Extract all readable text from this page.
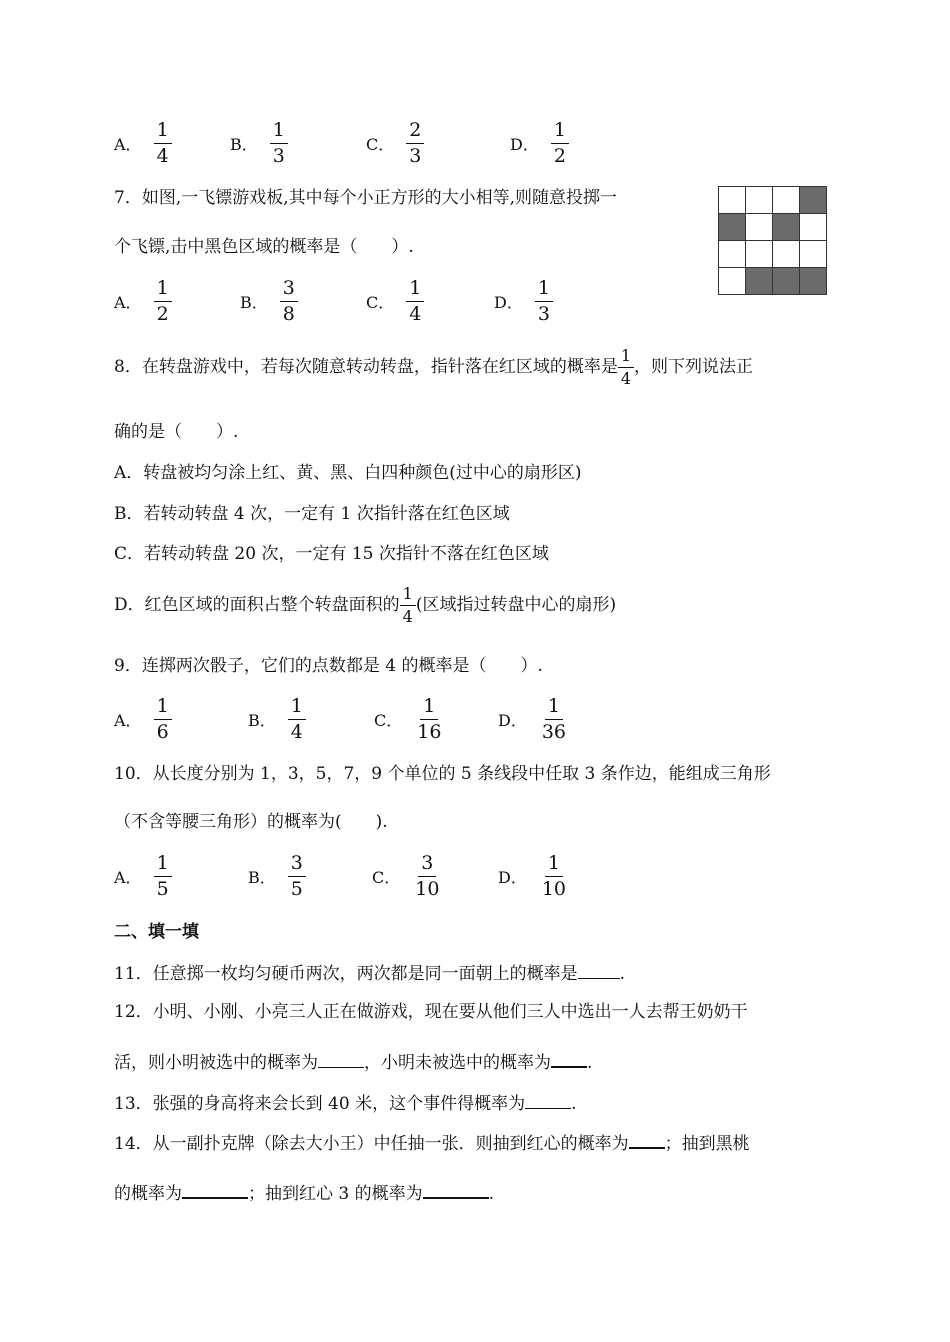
A． $\frac{1}{4}$	B． $\frac{1}{3}$	C． $\frac{2}{3}$	D． $\frac{1}{2}$
7．如图,一飞镖游戏板,其中每个小正方形的大小相等,则随意投掷一
个飞镖,击中黑色区域的概率是（　　）.

A． $\frac{1}{2}$	B． $\frac{3}{8}$	C． $\frac{1}{4}$	D． $\frac{1}{3}$
8．在转盘游戏中，若每次随意转动转盘，指针落在红区域的概率是 $\frac{1}{4}$ ，则下列说法正
确的是（　　）.
A．转盘被均匀涂上红、黄、黑、白四种颜色(过中心的扇形区)
B．若转动转盘 4 次，一定有 1 次指针落在红色区域
C．若转动转盘 20 次，一定有 15 次指针不落在红色区域
D．红色区域的面积占整个转盘面积的 $\frac{1}{4}$ (区域指过转盘中心的扇形)
9．连掷两次骰子，它们的点数都是 4 的概率是（　　）.
A． $\frac{1}{6}$	B． $\frac{1}{4}$	C． $\frac{1}{16}$	D． $\frac{1}{36}$
10．从长度分别为 1，3，5，7，9 个单位的 5 条线段中任取 3 条作边，能组成三角形
（不含等腰三角形）的概率为(　　).
A． $\frac{1}{5}$	B． $\frac{3}{5}$	C． $\frac{3}{10}$	D． $\frac{1}{10}$
二、填一填
11．任意掷一枚均匀硬币两次，两次都是同一面朝上的概率是 .
12．小明、小刚、小亮三人正在做游戏，现在要从他们三人中选出一人去帮王奶奶干
活，则小明被选中的概率为	，小明未被选中的概率为 .
13．张强的身高将来会长到 40 米，这个事件得概率为	.
14．从一副扑克牌（除去大小王）中任抽一张．则抽到红心的概率为 ；抽到黑桃
的概率为	；抽到红心 3 的概率为	.
